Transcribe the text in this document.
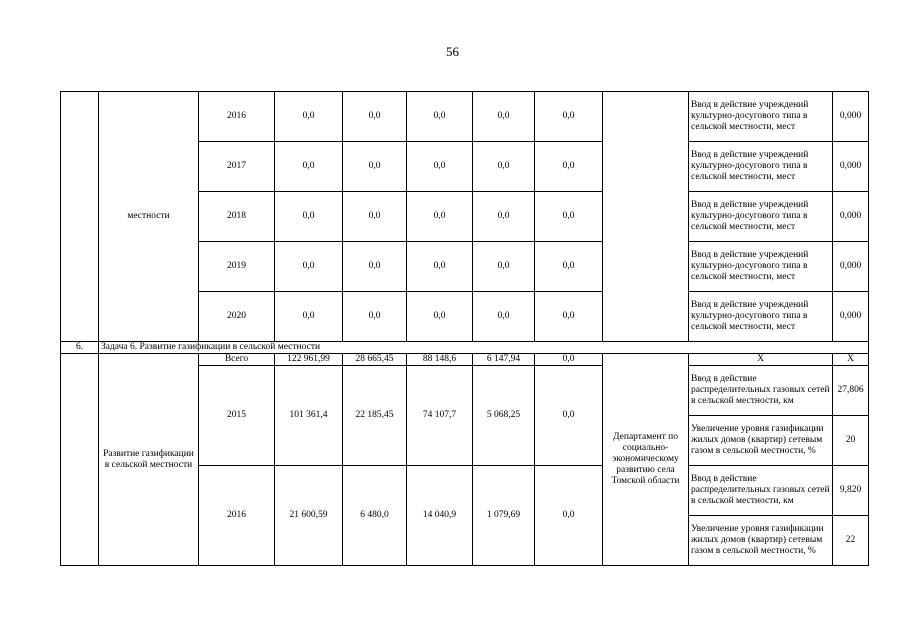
56
	местности	2016	0,0	0,0	0,0	0,0	0,0		Ввод в действие учреждений культурно-досугового типа в сельской местности, мест	0,000
		2017	0,0	0,0	0,0	0,0	0,0		Ввод в действие учреждений культурно-досугового типа в сельской местности, мест	0,000
		2018	0,0	0,0	0,0	0,0	0,0		Ввод в действие учреждений культурно-досугового типа в сельской местности, мест	0,000
		2019	0,0	0,0	0,0	0,0	0,0		Ввод в действие учреждений культурно-досугового типа в сельской местности, мест	0,000
		2020	0,0	0,0	0,0	0,0	0,0		Ввод в действие учреждений культурно-досугового типа в сельской местности, мест	0,000
6.	Задача 6. Развитие газификации в сельской местности									
	Развитие газификации в сельской местности	Всего	122 961,99	28 665,45	88 148,6	6 147,94	0,0	Департамент по социально-экономическому развитию села Томской области	Х	Х
		2015	101 361,4	22 185,45	74 107,7	5 068,25	0,0		Ввод в действие распределительных газовых сетей в сельской местности, км	27,806
									Увеличение уровня газификации жилых домов (квартир) сетевым газом в сельской местности, %	20
		2016	21 600,59	6 480,0	14 040,9	1 079,69	0,0		Ввод в действие распределительных газовых сетей в сельской местности, км	9,820
									Увеличение уровня газификации жилых домов (квартир) сетевым газом в сельской местности, %	22
